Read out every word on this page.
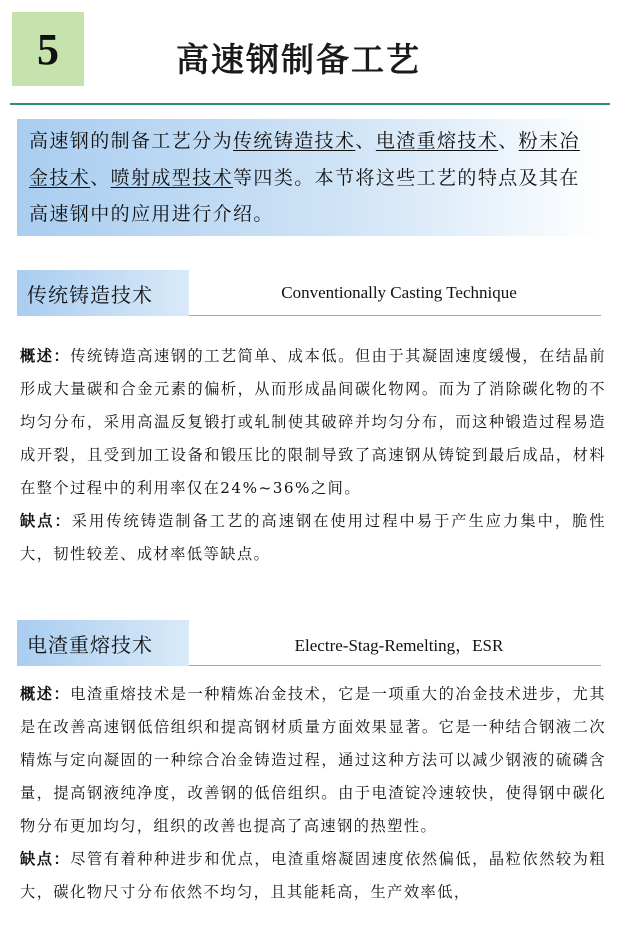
5	高速钢制备工艺
高速钢的制备工艺分为传统铸造技术、电渣重熔技术、粉末冶金技术、喷射成型技术等四类。本节将这些工艺的特点及其在高速钢中的应用进行介绍。
传统铸造技术	Conventionally Casting Technique

概述：传统铸造高速钢的工艺简单、成本低。但由于其凝固速度缓慢，在结晶前形成大量碳和合金元素的偏析，从而形成晶间碳化物网。而为了消除碳化物的不均匀分布，采用高温反复锻打或轧制使其破碎并均匀分布，而这种锻造过程易造成开裂，且受到加工设备和锻压比的限制导致了高速钢从铸锭到最后成品，材料在整个过程中的利用率仅在24%~36%之间。

缺点：采用传统铸造制备工艺的高速钢在使用过程中易于产生应力集中，脆性大，韧性较差、成材率低等缺点。

电渣重熔技术	Electre-Stag-Remelting，ESR

概述：电渣重熔技术是一种精炼冶金技术，它是一项重大的冶金技术进步，尤其是在改善高速钢低倍组织和提高钢材质量方面效果显著。它是一种结合钢液二次精炼与定向凝固的一种综合冶金铸造过程，通过这种方法可以减少钢液的硫磷含量，提高钢液纯净度，改善钢的低倍组织。由于电渣锭冷速较快，使得钢中碳化物分布更加均匀，组织的改善也提高了高速钢的热塑性。

缺点：尽管有着种种进步和优点，电渣重熔凝固速度依然偏低，晶粒依然较为粗大，碳化物尺寸分布依然不均匀，且其能耗高，生产效率低，
